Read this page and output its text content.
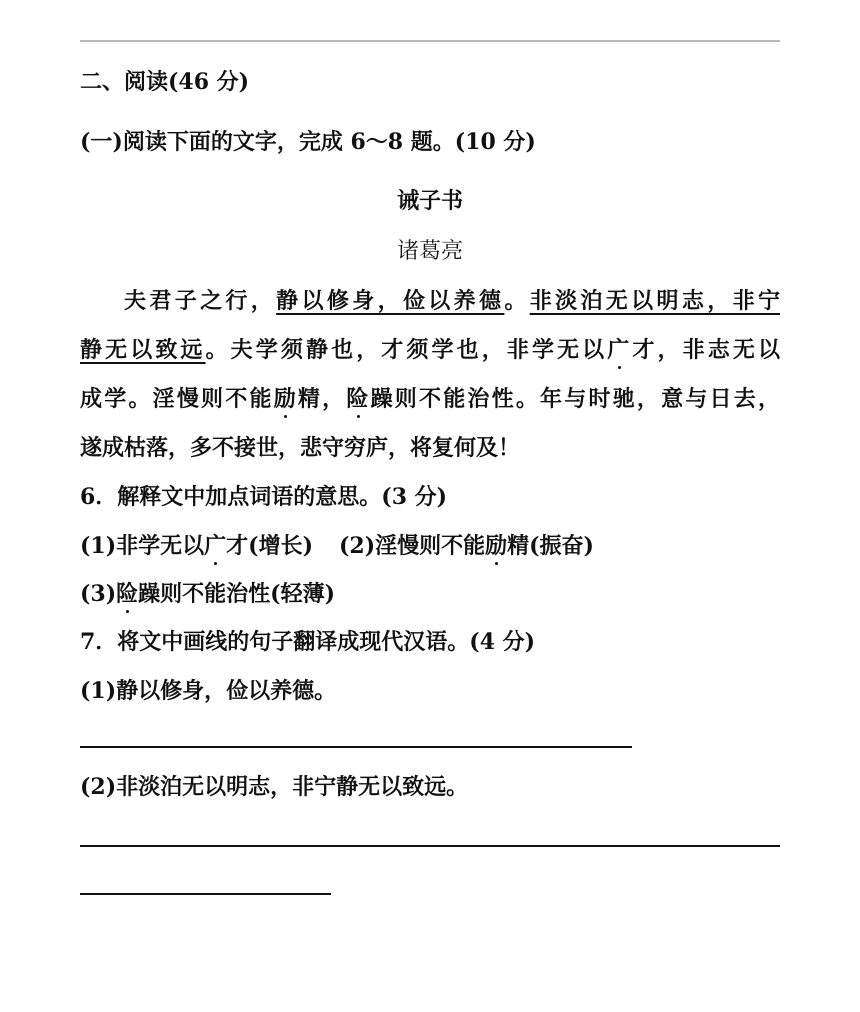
二、阅读(46 分)
(一)阅读下面的文字，完成 6～8 题。(10 分)
诫子书
诸葛亮
夫君子之行，静以修身，俭以养德。非淡泊无以明志，非宁
静无以致远。夫学须静也，才须学也，非学无以广才，非志无以
成学。淫慢则不能励精，险躁则不能治性。年与时驰，意与日去，
遂成枯落，多不接世，悲守穷庐，将复何及！
6．解释文中加点词语的意思。(3 分)
(1)非学无以广才(增长) (2)淫慢则不能励精(振奋)
(3)险躁则不能治性(轻薄)
7．将文中画线的句子翻译成现代汉语。(4 分)
(1)静以修身，俭以养德。
(2)非淡泊无以明志，非宁静无以致远。
